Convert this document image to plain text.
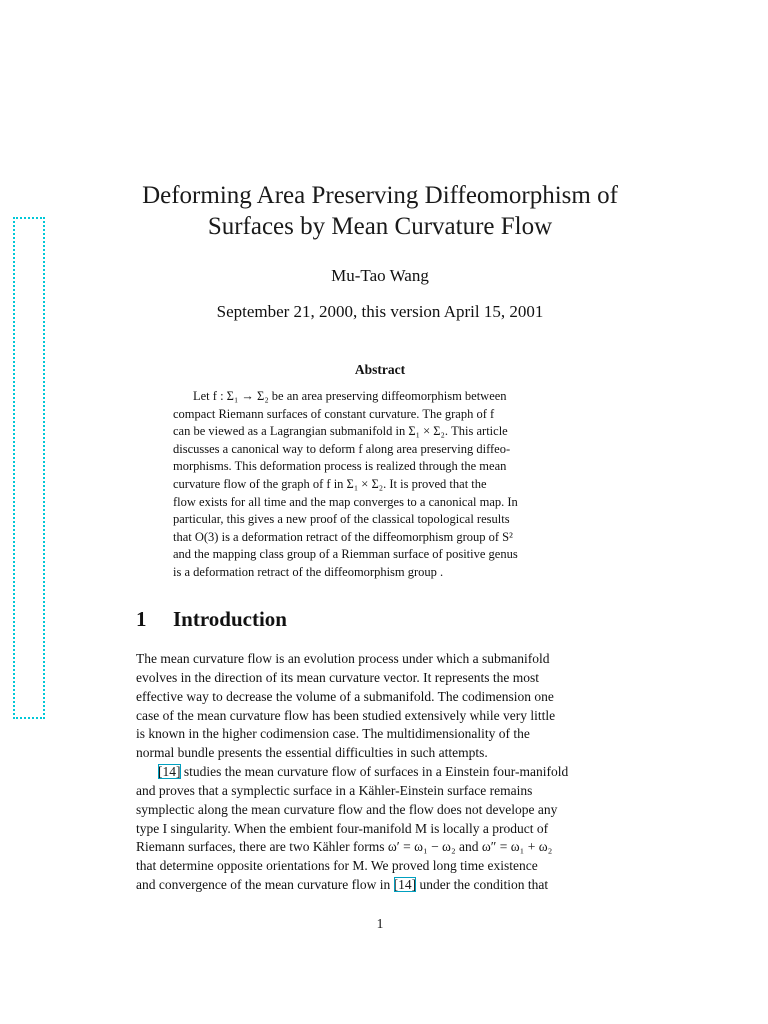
Deforming Area Preserving Diffeomorphism of
Surfaces by Mean Curvature Flow
Mu-Tao Wang
September 21, 2000, this version April 15, 2001
Abstract
Let f : Σ₁ → Σ₂ be an area preserving diffeomorphism between
compact Riemann surfaces of constant curvature. The graph of f
can be viewed as a Lagrangian submanifold in Σ₁ × Σ₂. This article
discusses a canonical way to deform f along area preserving diffeo-
morphisms. This deformation process is realized through the mean
curvature flow of the graph of f in Σ₁ × Σ₂. It is proved that the
flow exists for all time and the map converges to a canonical map. In
particular, this gives a new proof of the classical topological results
that O(3) is a deformation retract of the diffeomorphism group of S²
and the mapping class group of a Riemman surface of positive genus
is a deformation retract of the diffeomorphism group .
1 Introduction
The mean curvature flow is an evolution process under which a submanifold
evolves in the direction of its mean curvature vector. It represents the most
effective way to decrease the volume of a submanifold. The codimension one
case of the mean curvature flow has been studied extensively while very little
is known in the higher codimension case. The multidimensionality of the
normal bundle presents the essential difficulties in such attempts.
[14] studies the mean curvature flow of surfaces in a Einstein four-manifold
and proves that a symplectic surface in a Kähler-Einstein surface remains
symplectic along the mean curvature flow and the flow does not develope any
type I singularity. When the embient four-manifold M is locally a product of
Riemann surfaces, there are two Kähler forms ω′ = ω₁ − ω₂ and ω″ = ω₁ + ω₂
that determine opposite orientations for M. We proved long time existence
and convergence of the mean curvature flow in [14] under the condition that
1
